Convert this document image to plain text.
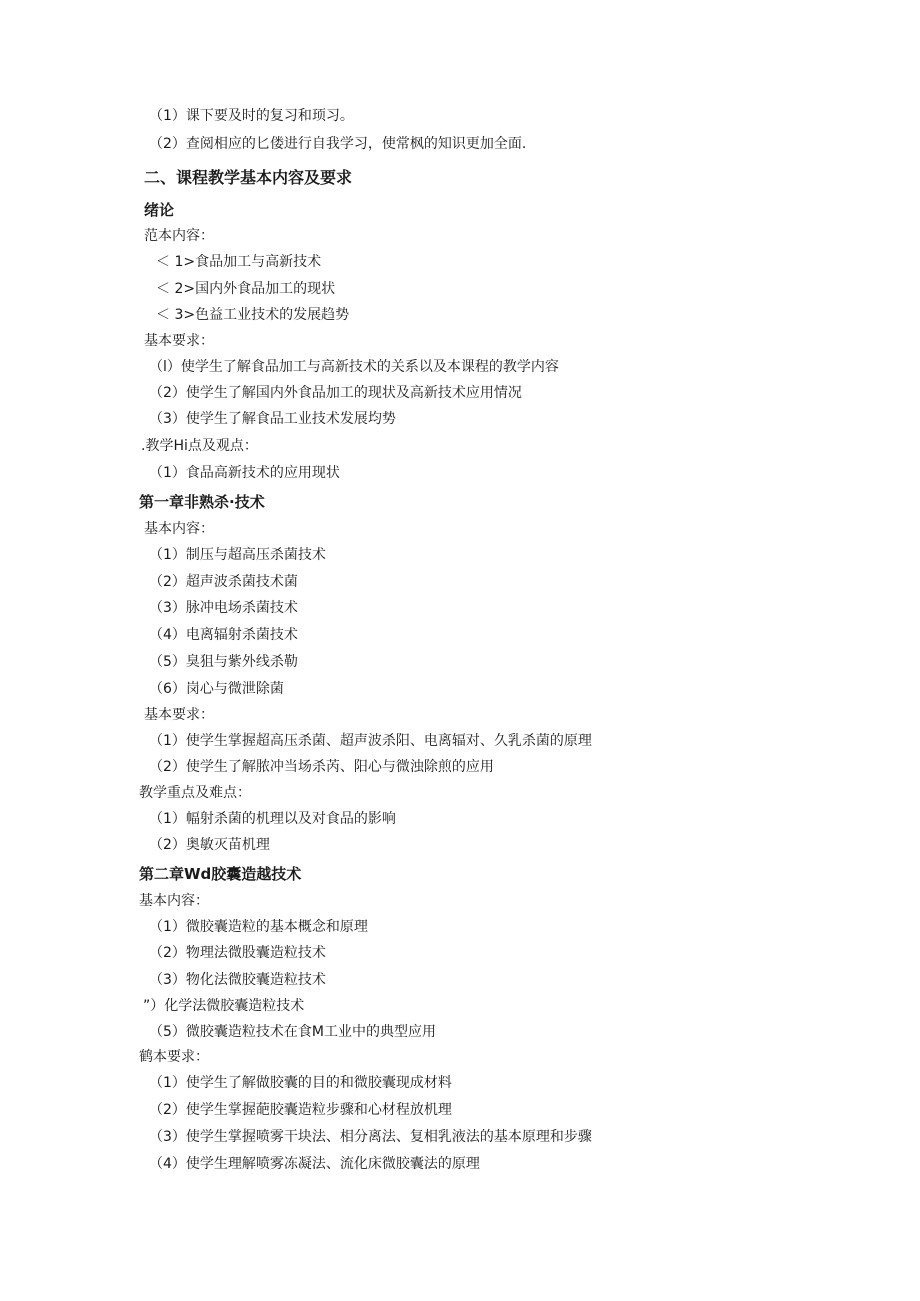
（1）课下要及时的复习和顼习。
（2）查阅相应的匕偻进行自我学习，使常枫的知识更加全面.
二、课程教学基本内容及要求
绪论
范本内容：
＜ 1>食品加工与高新技术
＜ 2>国内外食品加工的现状
＜ 3>色益工业技术的发展趋势
基本要求：
（l）使学生了解食品加工与高新技术的关系以及本课程的教学内容
（2）使学生了解国内外食品加工的现状及高新技术应用情况
（3）使学生了解食品工业技术发展均势
.教学Hi点及观点：
（1）食品高新技术的应用现状
第一章非熟杀·技术
基本内容：
（1）制压与超高压杀菌技术
（2）超声波杀菌技术菌
（3）脉冲电场杀菌技术
（4）电离辐射杀菌技术
（5）臭狙与紫外线杀勒
（6）岗心与微泄除菌
基本要求：
（1）使学生掌握超高压杀菌、超声波杀阳、电离辐对、久乳杀菌的原理
（2）使学生了解脓冲当场杀芮、阳心与微浊除煎的应用
教学重点及难点：
（1）幅射杀菌的机理以及对食品的影响
（2）奥敏灭苗机理
第二章Wd胶囊造越技术
基本内容：
（1）微胶囊造粒的基本概念和原理
（2）物理法微股囊造粒技术
（3）物化法微胶囊造粒技术
”）化学法微胶囊造粒技术
（5）微胶囊造粒技术在食M工业中的典型应用
鹤本要求：
（1）使学生了解做胶囊的目的和微胶囊现成材料
（2）使学生掌握葩胶囊造粒步骤和心材程放机理
（3）使学生掌握喷雾干块法、相分离法、复相乳液法的基本原理和步骤
（4）使学生理解喷雾冻凝法、流化床微胶囊法的原理
